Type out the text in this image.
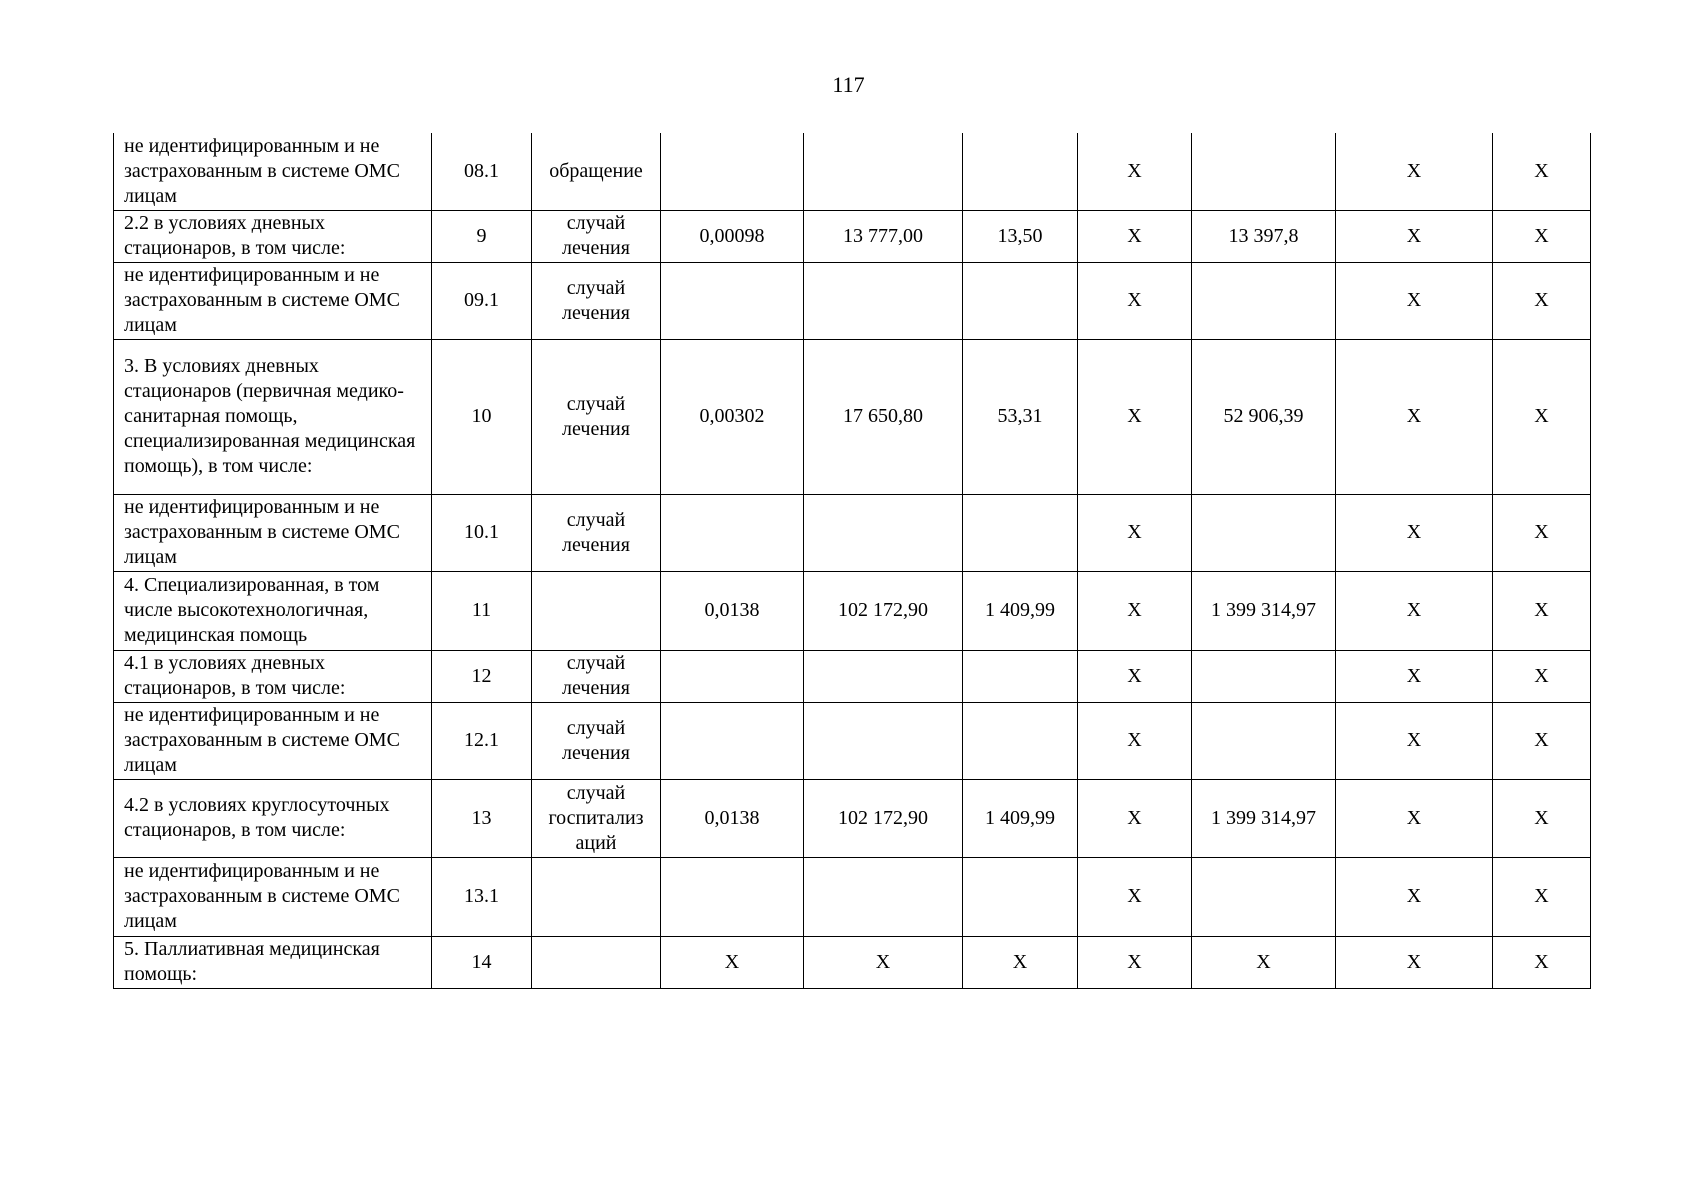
117
не идентифицированным и не застрахованным в системе ОМС лицам	08.1	обращение				X		X	X
2.2 в условиях дневных стационаров, в том числе:	9	случай лечения	0,00098	13 777,00	13,50	X	13 397,8	X	X
не идентифицированным и не застрахованным в системе ОМС лицам	09.1	случай лечения				X		X	X
3. В условиях дневных стационаров (первичная медико-санитарная помощь, специализированная медицинская помощь), в том числе:	10	случай лечения	0,00302	17 650,80	53,31	X	52 906,39	X	X
не идентифицированным и не застрахованным в системе ОМС лицам	10.1	случай лечения				X		X	X
4. Специализированная, в том числе высокотехнологичная, медицинская помощь	11		0,0138	102 172,90	1 409,99	X	1 399 314,97	X	X
4.1 в условиях дневных стационаров, в том числе:	12	случай лечения				X		X	X
не идентифицированным и не застрахованным в системе ОМС лицам	12.1	случай лечения				X		X	X
4.2 в условиях круглосуточных стационаров, в том числе:	13	случай госпитализ аций	0,0138	102 172,90	1 409,99	X	1 399 314,97	X	X
не идентифицированным и не застрахованным в системе ОМС лицам	13.1					X		X	X
5. Паллиативная медицинская помощь:	14		X	X	X	X	X	X	X
